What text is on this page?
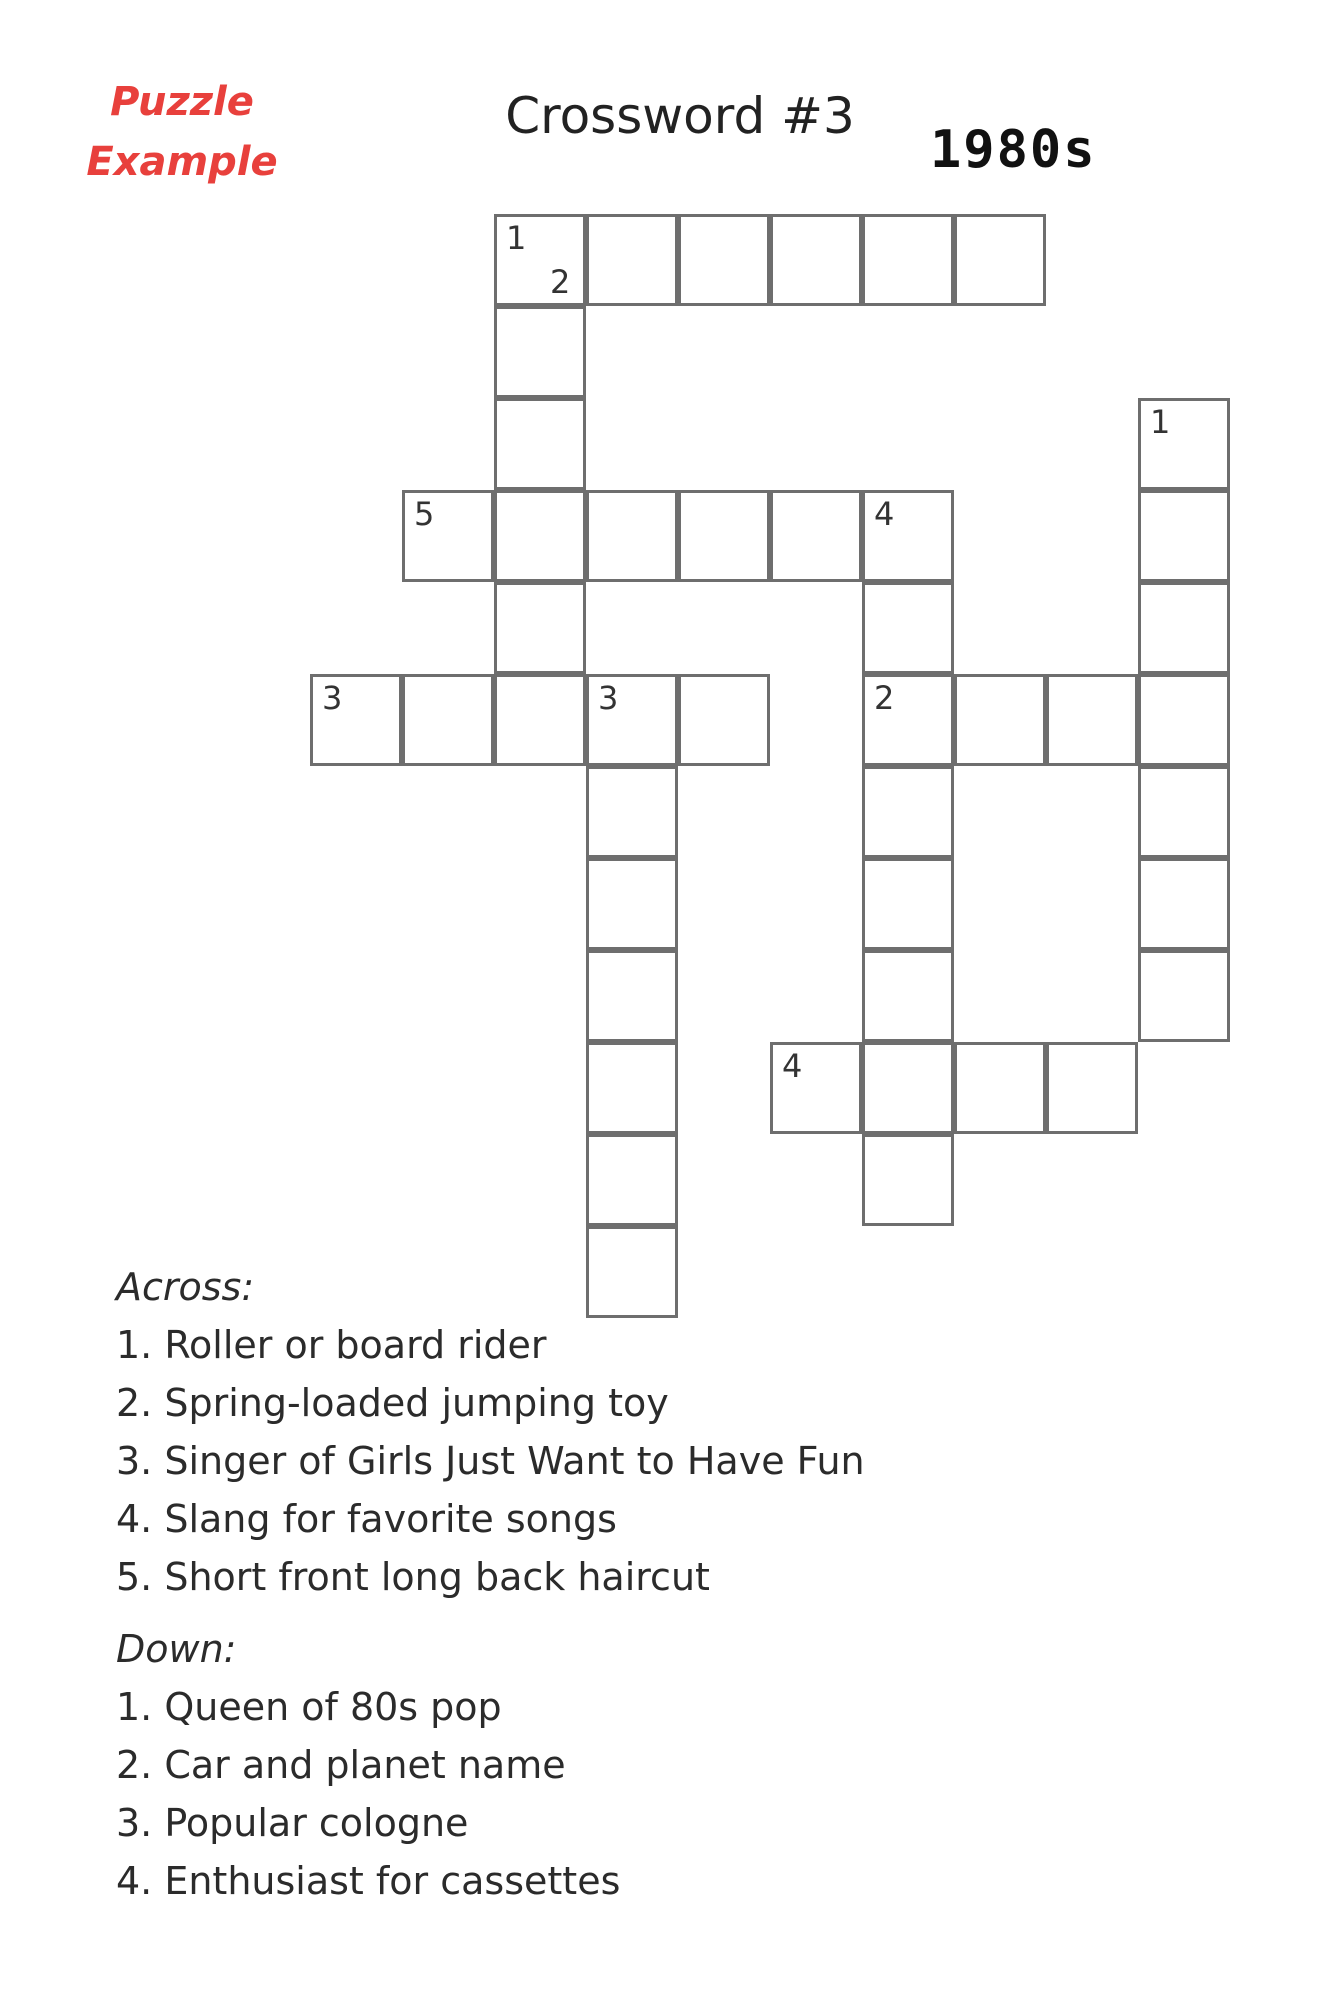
Puzzle
Example
Crossword #3
1980s
1
2
1
5	4
3	3	2
4
Across:
1. Roller or board rider
2. Spring-loaded jumping toy
3. Singer of Girls Just Want to Have Fun
4. Slang for favorite songs
5. Short front long back haircut
Down:
1. Queen of 80s pop
2. Car and planet name
3. Popular cologne
4. Enthusiast for cassettes
